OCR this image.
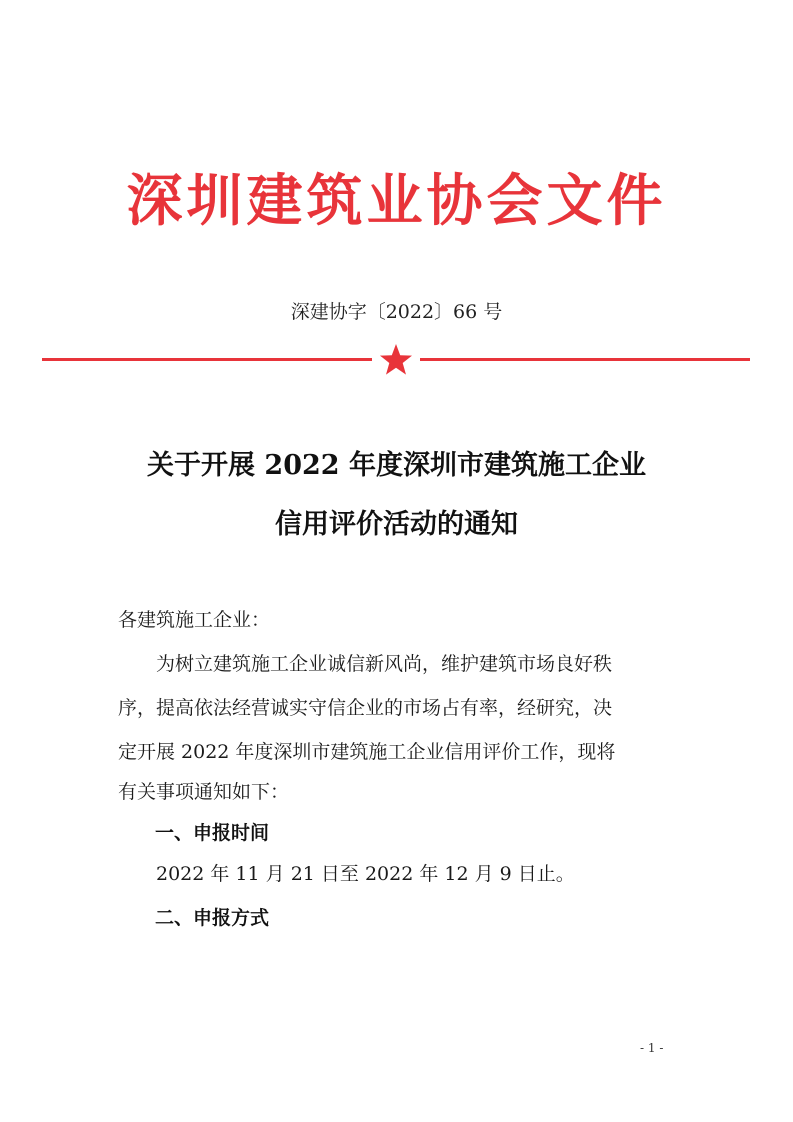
深圳建筑业协会文件
深建协字〔2022〕66 号
关于开展 2022 年度深圳市建筑施工企业
信用评价活动的通知
各建筑施工企业：
为树立建筑施工企业诚信新风尚，维护建筑市场良好秩
序，提高依法经营诚实守信企业的市场占有率，经研究，决
定开展 2022 年度深圳市建筑施工企业信用评价工作，现将
有关事项通知如下：
一、申报时间
2022 年 11 月 21 日至 2022 年 12 月 9 日止。
二、申报方式
- 1 -
